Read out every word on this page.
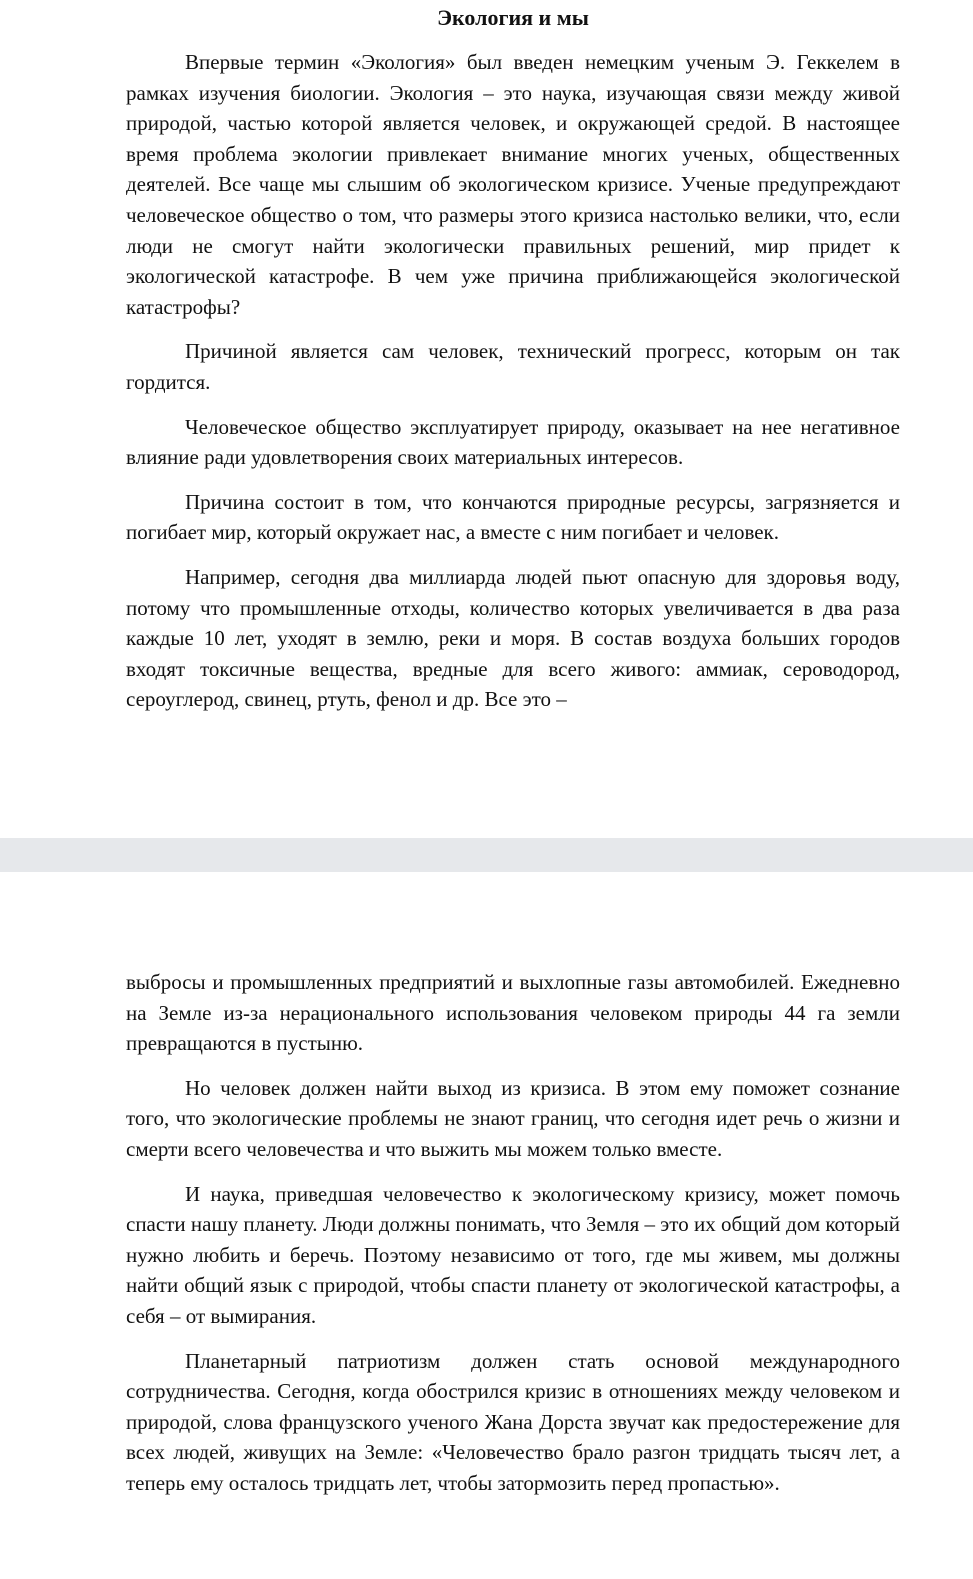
Экология и мы

Впервые термин «Экология» был введен немецким ученым Э. Геккелем в рамках изучения биологии. Экология – это наука, изучающая связи между живой природой, частью которой является человек, и окружающей средой. В настоящее время проблема экологии привлекает внимание многих ученых, общественных деятелей. Все чаще мы слышим об экологическом кризисе. Ученые предупреждают человеческое общество о том, что размеры этого кризиса настолько велики, что, если люди не смогут найти экологически правильных решений, мир придет к экологической катастрофе. В чем уже причина приближающейся экологической катастрофы?

Причиной является сам человек, технический прогресс, которым он так гордится.

Человеческое общество эксплуатирует природу, оказывает на нее негативное влияние ради удовлетворения своих материальных интересов.

Причина состоит в том, что кончаются природные ресурсы, загрязняется и погибает мир, который окружает нас, а вместе с ним погибает и человек.

Например, сегодня два миллиарда людей пьют опасную для здоровья воду, потому что промышленные отходы, количество которых увеличивается в два раза каждые 10 лет, уходят в землю, реки и моря. В состав воздуха больших городов входят токсичные вещества, вредные для всего живого: аммиак, сероводород, сероуглерод, свинец, ртуть, фенол и др. Все это –

выбросы и промышленных предприятий и выхлопные газы автомобилей. Ежедневно на Земле из-за нерационального использования человеком природы 44 га земли превращаются в пустыню.

Но человек должен найти выход из кризиса. В этом ему поможет сознание того, что экологические проблемы не знают границ, что сегодня идет речь о жизни и смерти всего человечества и что выжить мы можем только вместе.

И наука, приведшая человечество к экологическому кризису, может помочь спасти нашу планету. Люди должны понимать, что Земля – это их общий дом который нужно любить и беречь. Поэтому независимо от того, где мы живем, мы должны найти общий язык с природой, чтобы спасти планету от экологической катастрофы, а себя – от вымирания.

Планетарный патриотизм должен стать основой международного сотрудничества. Сегодня, когда обострился кризис в отношениях между человеком и природой, слова французского ученого Жана Дорста звучат как предостережение для всех людей, живущих на Земле: «Человечество брало разгон тридцать тысяч лет, а теперь ему осталось тридцать лет, чтобы затормозить перед пропастью».
